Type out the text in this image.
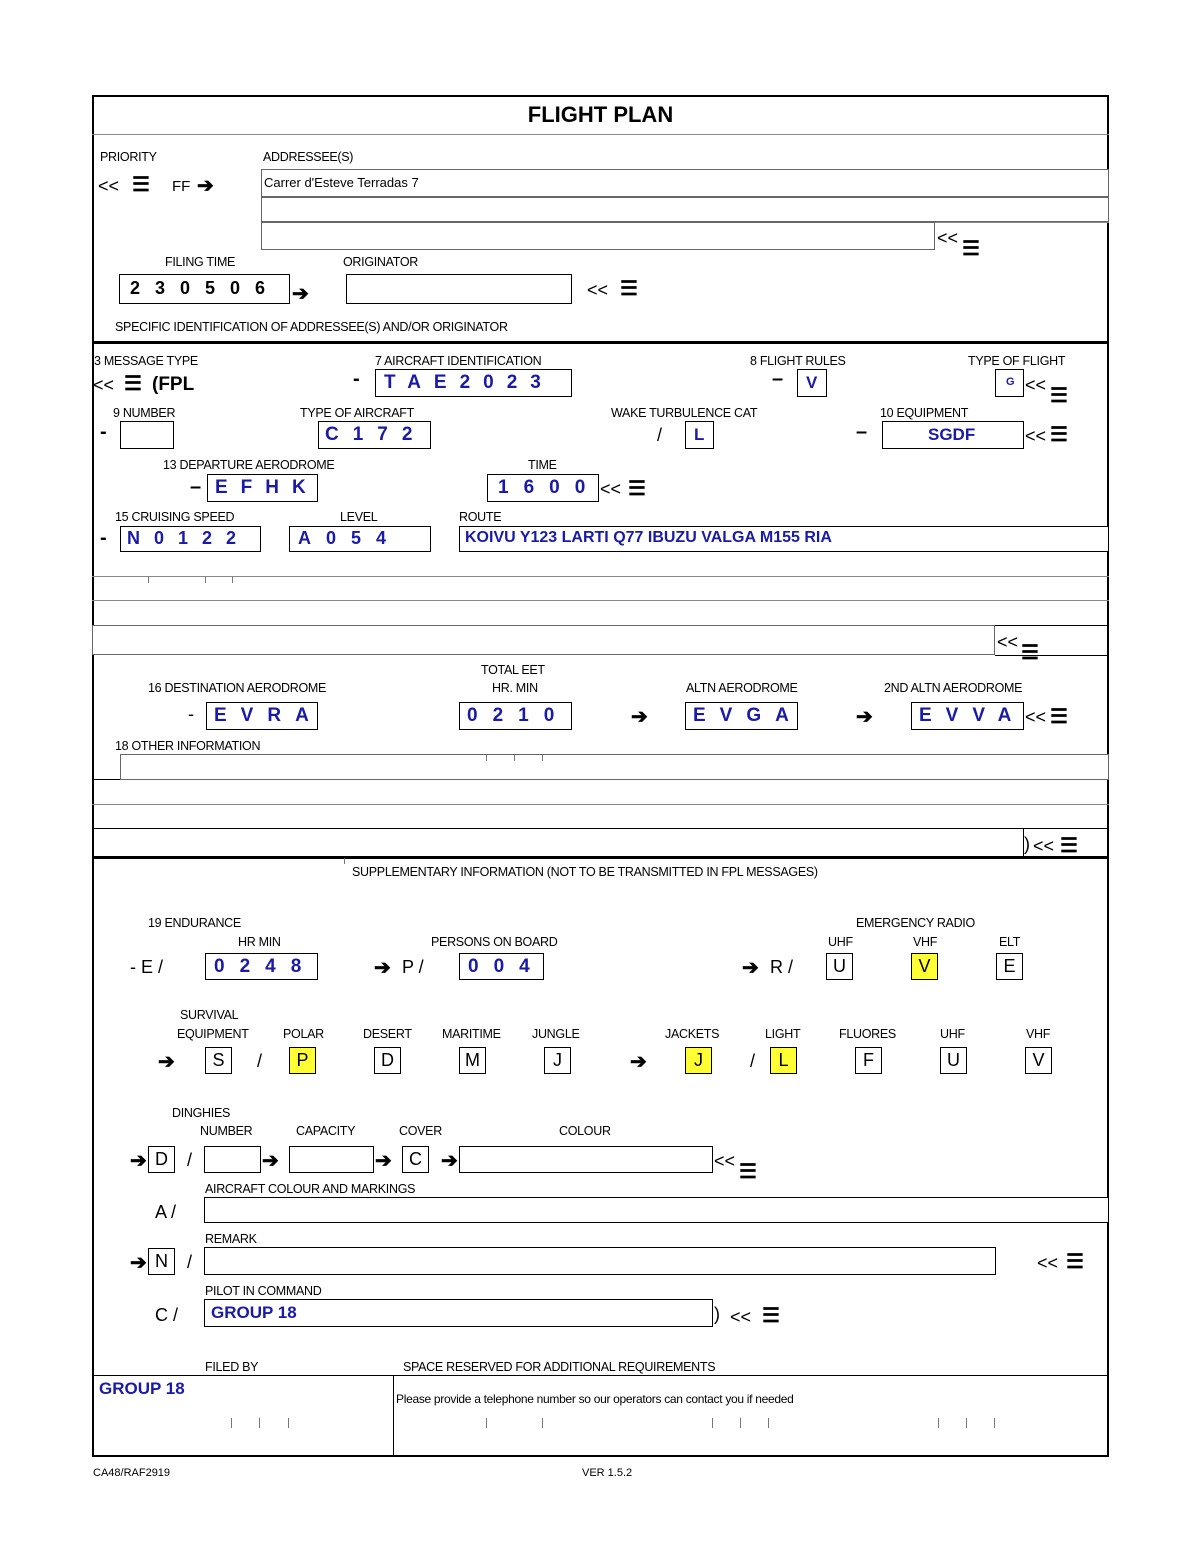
FLIGHT PLAN
PRIORITY	ADDRESSEE(S)
<< ☰ FF ➔	Carrer d'Esteve Terradas 7
<< ☰
FILING TIME	ORIGINATOR
2 3 0 5 0 6 ➔	<< ☰
SPECIFIC IDENTIFICATION OF ADDRESSEE(S) AND/OR ORIGINATOR
3 MESSAGE TYPE	7 AIRCRAFT IDENTIFICATION	8 FLIGHT RULES	TYPE OF FLIGHT
<< ☰ (FPL	- TAE2023	– V	G << ☰
9 NUMBER	TYPE OF AIRCRAFT	WAKE TURBULENCE CAT	10 EQUIPMENT
-	C172	/ L	–	SGDF	<< ☰
13 DEPARTURE AERODROME	TIME
– EFHK	1600 << ☰
15 CRUISING SPEED	LEVEL	ROUTE
- N0122	A054	KOIVU Y123 LARTI Q77 IBUZU VALGA M155 RIA
<< ☰
TOTAL EET
16 DESTINATION AERODROME	HR. MIN	ALTN AERODROME	2ND ALTN AERODROME
- EVRA	0210	➔ EVGA	➔ EVVA << ☰
18 OTHER INFORMATION
) << ☰
SUPPLEMENTARY INFORMATION (NOT TO BE TRANSMITTED IN FPL MESSAGES)
19 ENDURANCE	EMERGENCY RADIO
HR MIN	PERSONS ON BOARD	UHF	VHF	ELT
- E /	0248	➔ P / 004	➔ R /	U	V	E
SURVIVAL
EQUIPMENT	POLAR	DESERT MARITIME	JUNGLE	JACKETS	LIGHT	FLUORES	UHF	VHF
➔	S	/	P	D	M	J	➔	J	/	L	F	U	V
DINGHIES
NUMBER	CAPACITY	COVER	COLOUR
➔ D	/	➔	➔ C ➔	<< ☰
AIRCRAFT COLOUR AND MARKINGS
A /
REMARK
➔ N	/	<< ☰
PILOT IN COMMAND
C / GROUP 18	) << ☰
FILED BY	SPACE RESERVED FOR ADDITIONAL REQUIREMENTS
GROUP 18
Please provide a telephone number so our operators can contact you if needed
CA48/RAF2919	VER 1.5.2
